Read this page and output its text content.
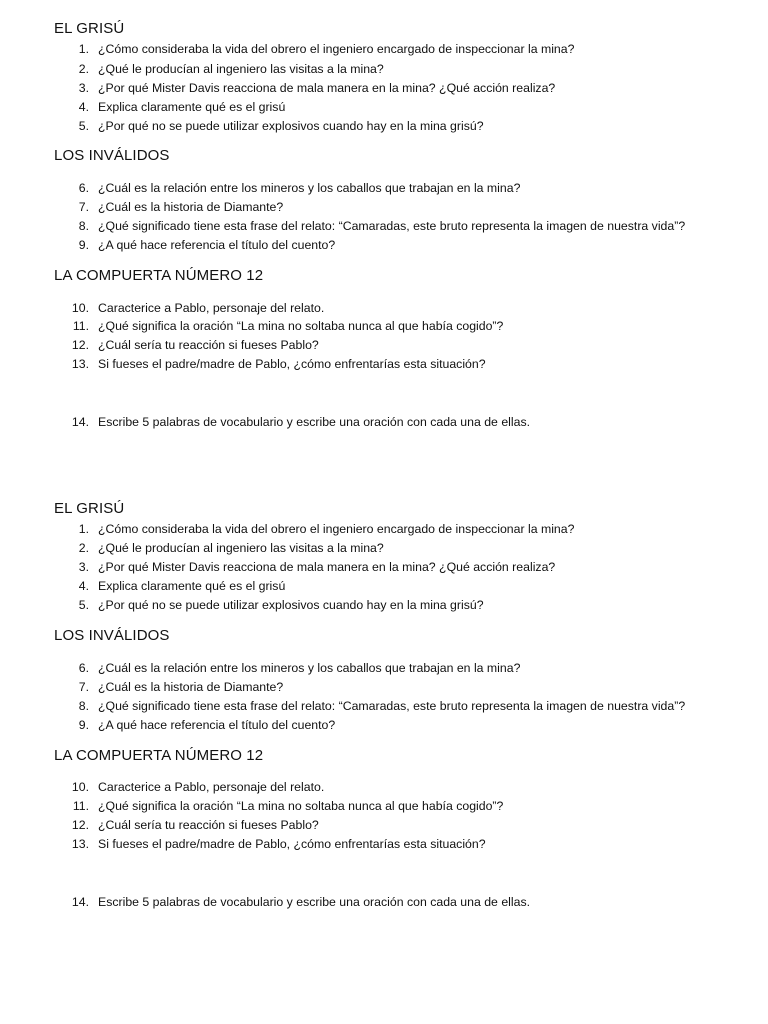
EL GRISÚ
1. ¿Cómo consideraba la vida del obrero el ingeniero encargado de inspeccionar la mina?
2. ¿Qué le producían al ingeniero las visitas a la mina?
3. ¿Por qué Mister Davis reacciona de mala manera en la mina? ¿Qué acción realiza?
4. Explica claramente qué es el grisú
5. ¿Por qué no se puede utilizar explosivos cuando hay en la mina grisú?
LOS INVÁLIDOS
6. ¿Cuál es la relación entre los mineros y los caballos que trabajan en la mina?
7. ¿Cuál es la historia de Diamante?
8. ¿Qué significado tiene esta frase del relato: “Camaradas, este bruto representa la imagen de nuestra vida”?
9. ¿A qué hace referencia el título del cuento?
LA COMPUERTA NÚMERO 12
10. Caracterice a Pablo, personaje del relato.
11. ¿Qué significa la oración “La mina no soltaba nunca al que había cogido”?
12. ¿Cuál sería tu reacción si fueses Pablo?
13. Si fueses el padre/madre de Pablo, ¿cómo enfrentarías esta situación?
14. Escribe 5 palabras de vocabulario y escribe una oración con cada una de ellas.
EL GRISÚ
1. ¿Cómo consideraba la vida del obrero el ingeniero encargado de inspeccionar la mina?
2. ¿Qué le producían al ingeniero las visitas a la mina?
3. ¿Por qué Mister Davis reacciona de mala manera en la mina? ¿Qué acción realiza?
4. Explica claramente qué es el grisú
5. ¿Por qué no se puede utilizar explosivos cuando hay en la mina grisú?
LOS INVÁLIDOS
6. ¿Cuál es la relación entre los mineros y los caballos que trabajan en la mina?
7. ¿Cuál es la historia de Diamante?
8. ¿Qué significado tiene esta frase del relato: “Camaradas, este bruto representa la imagen de nuestra vida”?
9. ¿A qué hace referencia el título del cuento?
LA COMPUERTA NÚMERO 12
10. Caracterice a Pablo, personaje del relato.
11. ¿Qué significa la oración “La mina no soltaba nunca al que había cogido”?
12. ¿Cuál sería tu reacción si fueses Pablo?
13. Si fueses el padre/madre de Pablo, ¿cómo enfrentarías esta situación?
14. Escribe 5 palabras de vocabulario y escribe una oración con cada una de ellas.
